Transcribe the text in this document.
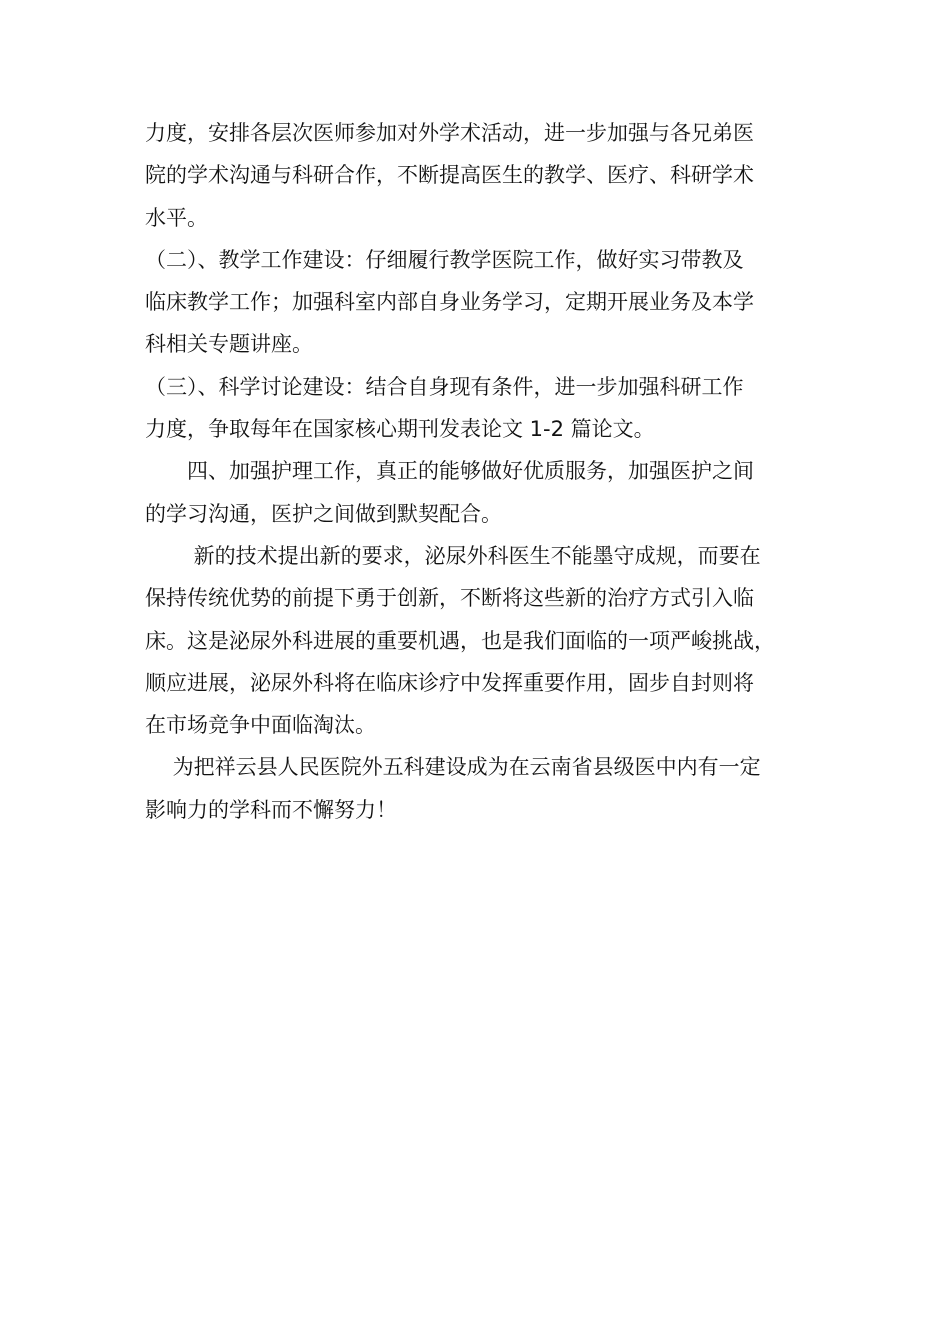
力度，安排各层次医师参加对外学术活动，进一步加强与各兄弟医
院的学术沟通与科研合作，不断提高医生的教学、医疗、科研学术
水平。
（二）、教学工作建设：仔细履行教学医院工作，做好实习带教及
临床教学工作；加强科室内部自身业务学习，定期开展业务及本学
科相关专题讲座。
（三）、科学讨论建设：结合自身现有条件，进一步加强科研工作
力度，争取每年在国家核心期刊发表论文 1-2 篇论文。
　　四、加强护理工作，真正的能够做好优质服务，加强医护之间
的学习沟通，医护之间做到默契配合。
　　 新的技术提出新的要求，泌尿外科医生不能墨守成规，而要在
保持传统优势的前提下勇于创新，不断将这些新的治疗方式引入临
床。这是泌尿外科进展的重要机遇，也是我们面临的一项严峻挑战，
顺应进展，泌尿外科将在临床诊疗中发挥重要作用，固步自封则将
在市场竞争中面临淘汰。
　 为把祥云县人民医院外五科建设成为在云南省县级医中内有一定
影响力的学科而不懈努力！
